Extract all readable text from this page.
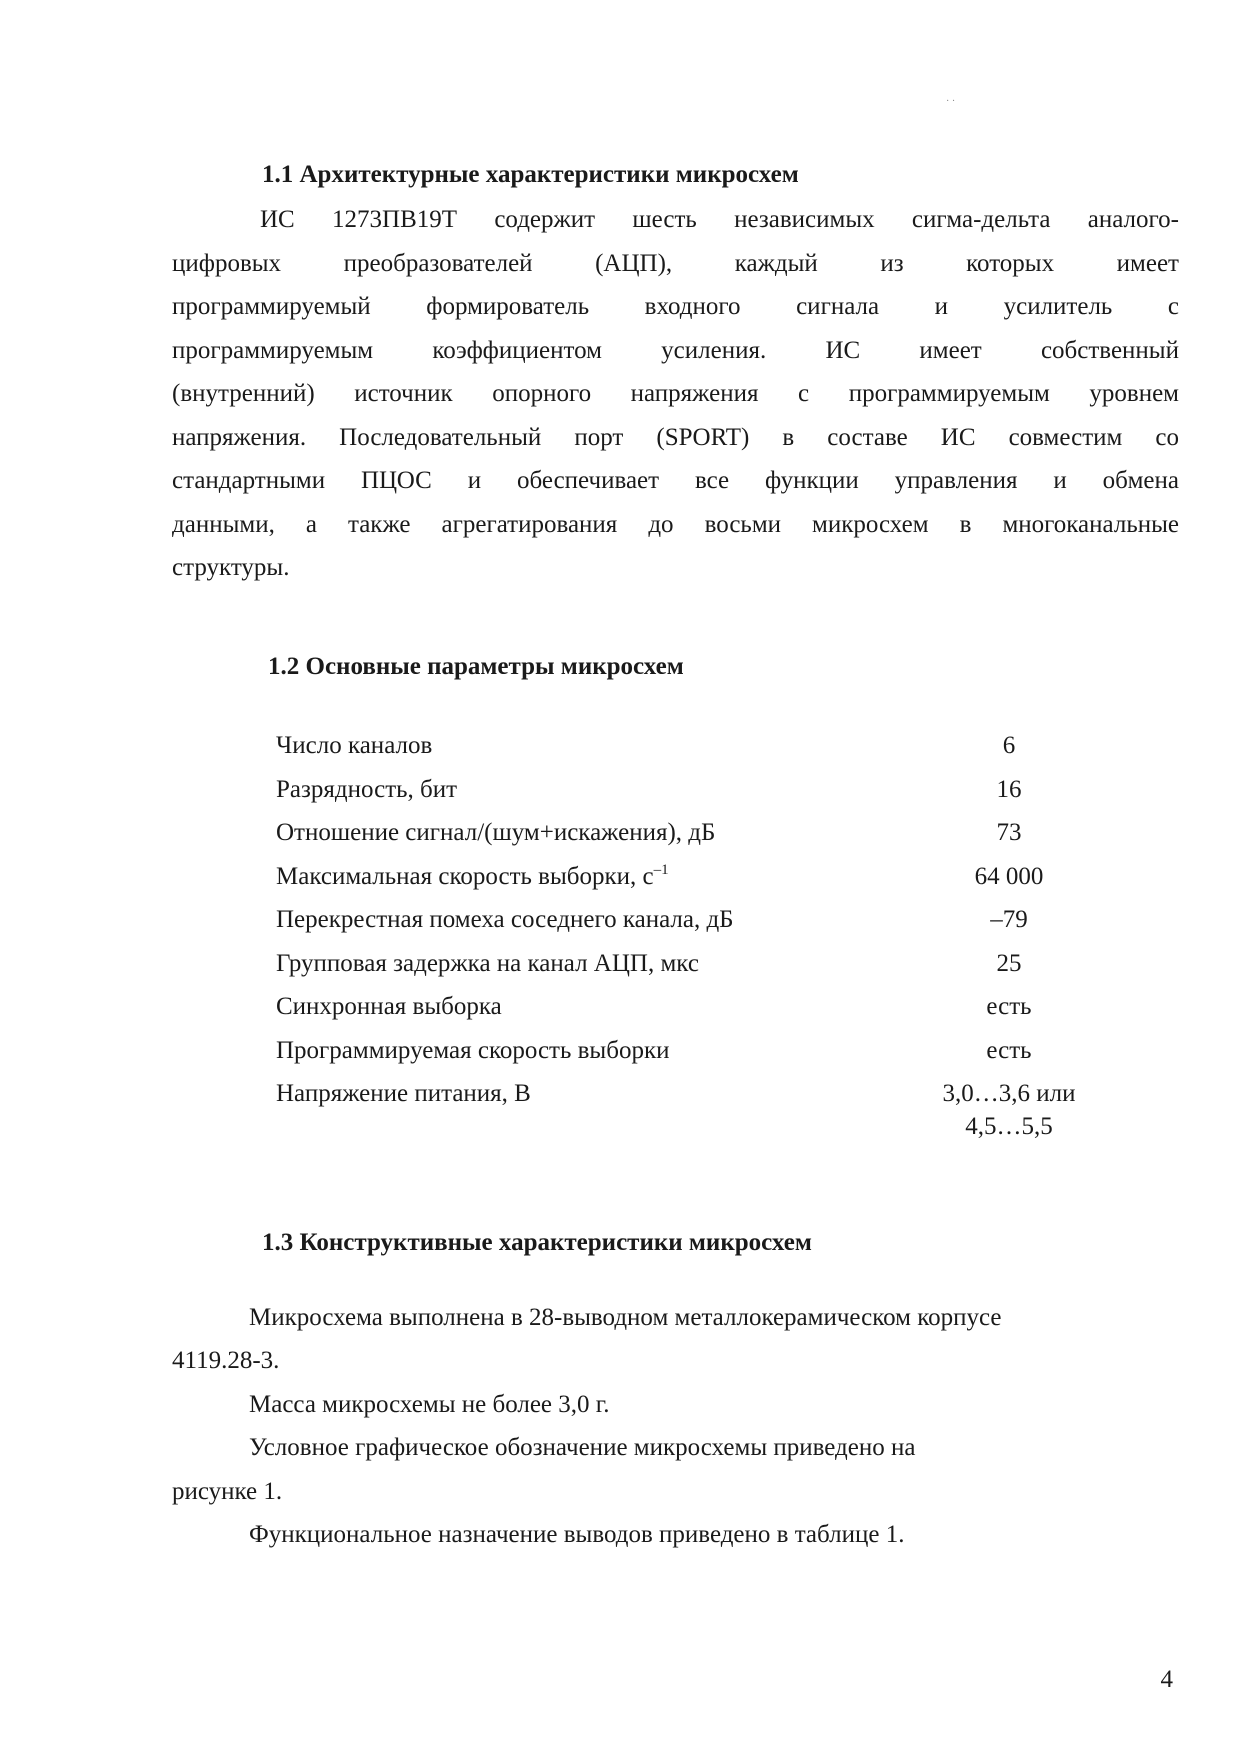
· ·
1.1 Архитектурные характеристики микросхем
ИС 1273ПВ19Т содержит шесть независимых сигма-дельта аналого-
цифровых преобразователей (АЦП), каждый из которых имеет
программируемый формирователь входного сигнала и усилитель с
программируемым коэффициентом усиления. ИС имеет собственный
(внутренний) источник опорного напряжения с программируемым уровнем
напряжения. Последовательный порт (SPORT) в составе ИС совместим со
стандартными ПЦОС и обеспечивает все функции управления и обмена
данными, а также агрегатирования до восьми микросхем в многоканальные
структуры.
1.2 Основные параметры микросхем
Число каналов	6
Разрядность, бит	16
Отношение сигнал/(шум+искажения), дБ	73
Максимальная скорость выборки, $с^{-1}$	64 000
Перекрестная помеха соседнего канала, дБ	–79
Групповая задержка на канал АЦП, мкс	25
Синхронная выборка	есть
Программируемая скорость выборки	есть
Напряжение питания, В	3,0…3,6 или
4,5…5,5
1.3 Конструктивные характеристики микросхем

Микросхема выполнена в 28-выводном металлокерамическом корпусе

4119.28-3.

Масса микросхемы не более 3,0 г.

Условное графическое обозначение микросхемы приведено на

рисунке 1.

Функциональное назначение выводов приведено в таблице 1.

4
